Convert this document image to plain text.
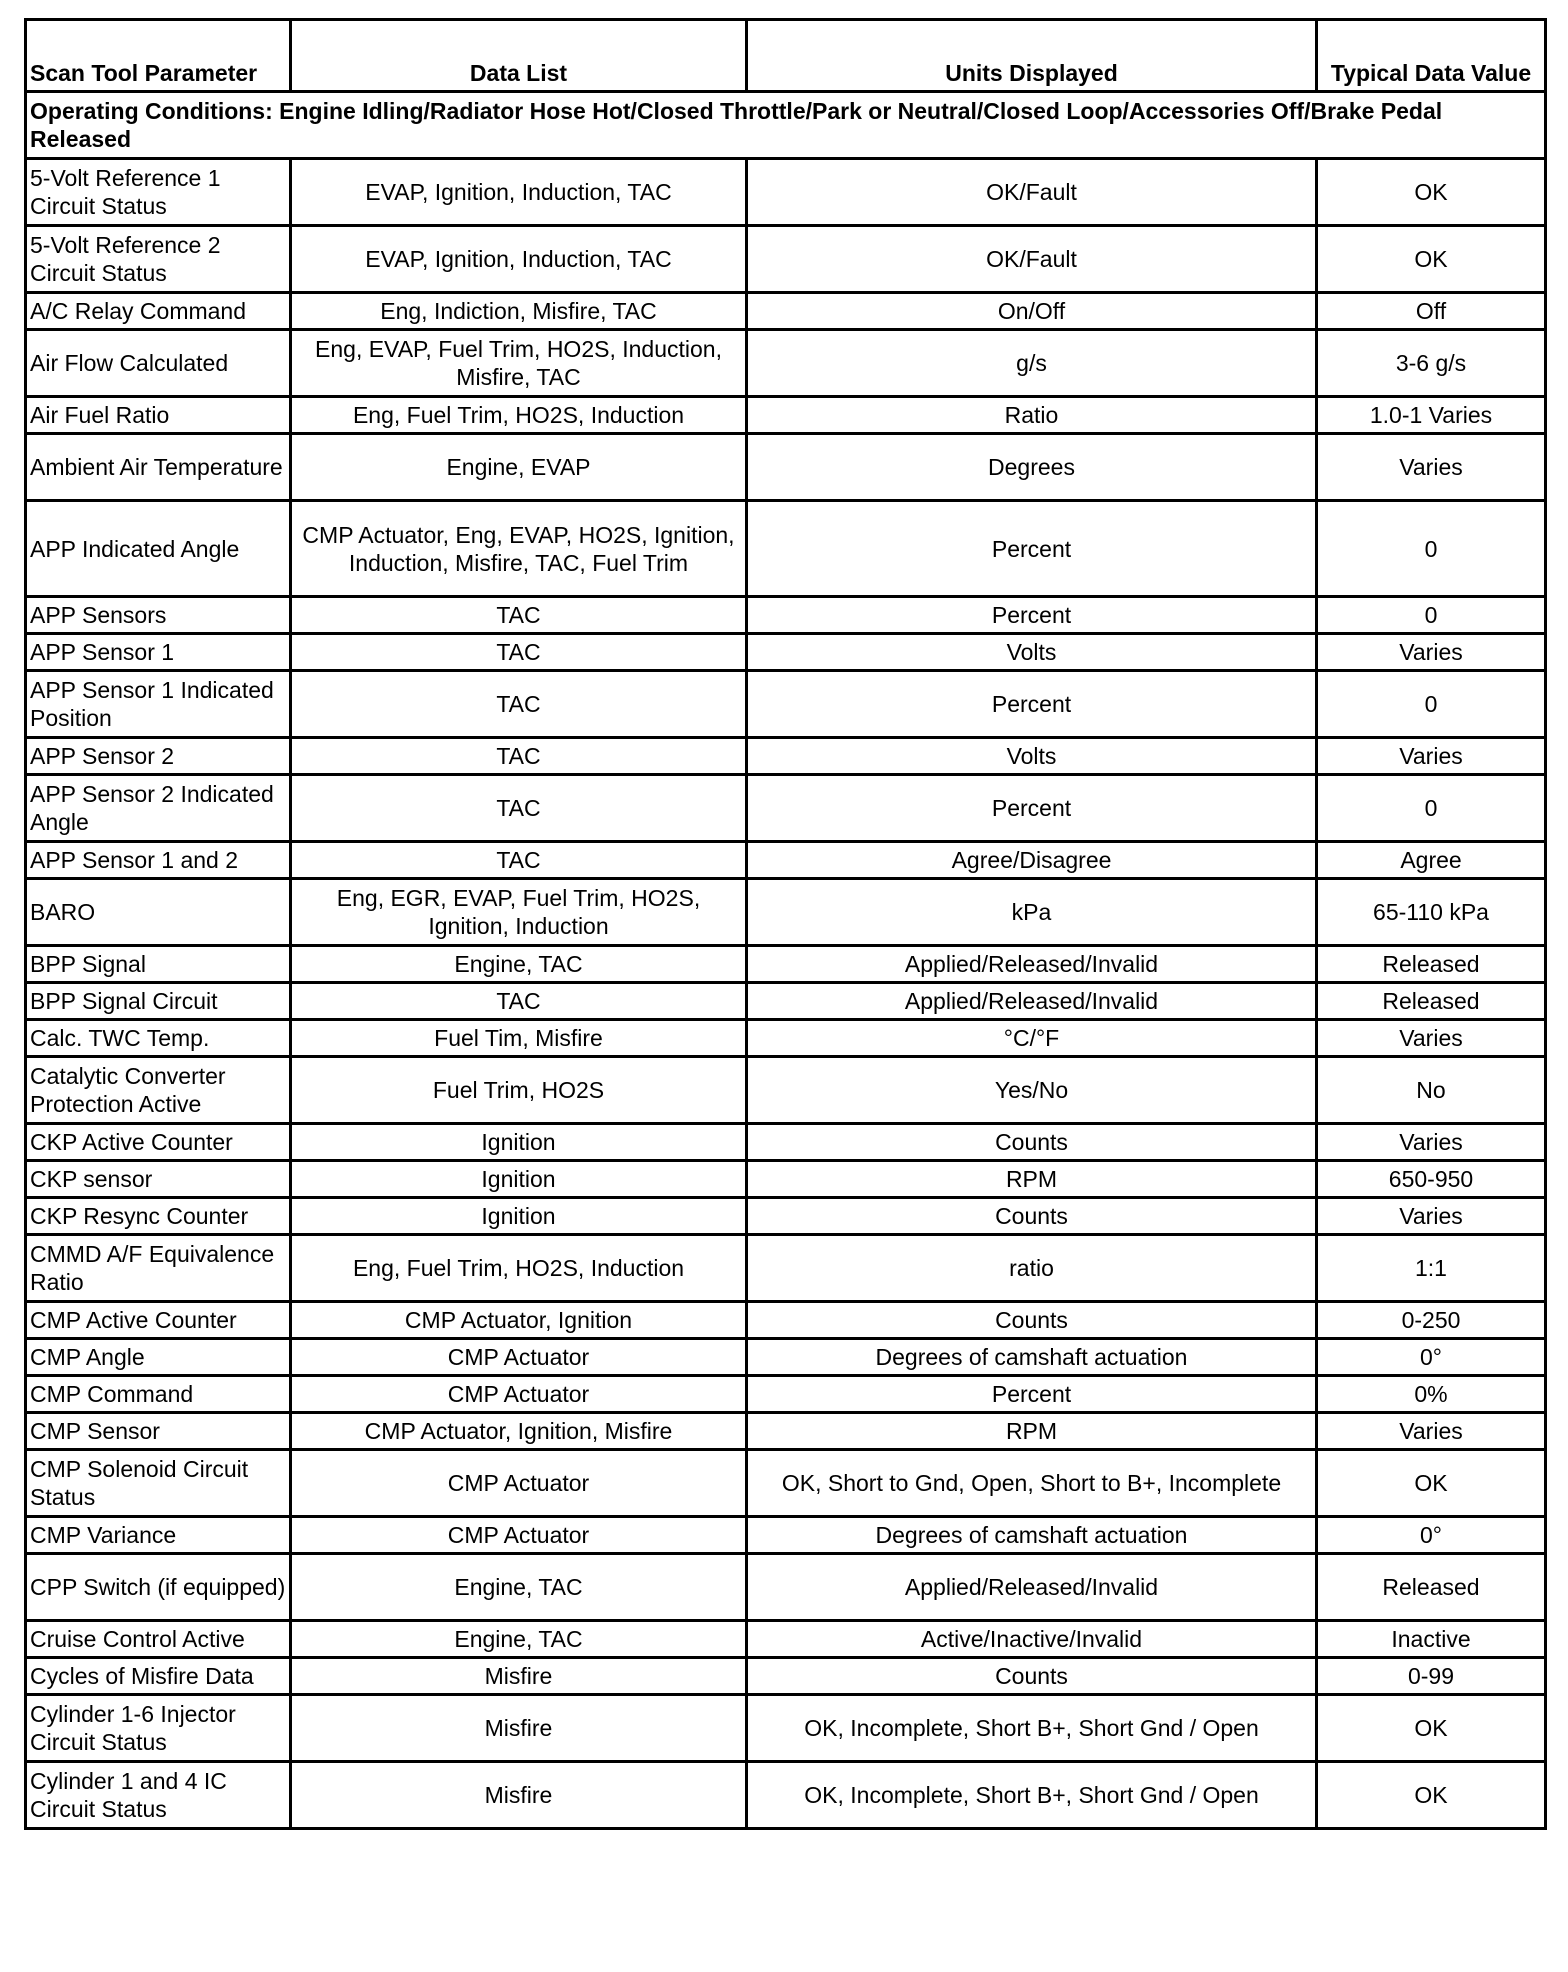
Scan Tool Parameter	Data List	Units Displayed	Typical Data Value
Operating Conditions: Engine Idling/Radiator Hose Hot/Closed Throttle/Park or Neutral/Closed Loop/Accessories Off/Brake Pedal Released			
5-Volt Reference 1 Circuit Status	EVAP, Ignition, Induction, TAC	OK/Fault	OK
5-Volt Reference 2 Circuit Status	EVAP, Ignition, Induction, TAC	OK/Fault	OK
A/C Relay Command	Eng, Indiction, Misfire, TAC	On/Off	Off
Air Flow Calculated	Eng, EVAP, Fuel Trim, HO2S, Induction, Misfire, TAC	g/s	3-6 g/s
Air Fuel Ratio	Eng, Fuel Trim, HO2S, Induction	Ratio	1.0-1 Varies
Ambient Air Temperature	Engine, EVAP	Degrees	Varies
APP Indicated Angle	CMP Actuator, Eng, EVAP, HO2S, Ignition, Induction, Misfire, TAC, Fuel Trim	Percent	0
APP Sensors	TAC	Percent	0
APP Sensor 1	TAC	Volts	Varies
APP Sensor 1 Indicated Position	TAC	Percent	0
APP Sensor 2	TAC	Volts	Varies
APP Sensor 2 Indicated Angle	TAC	Percent	0
APP Sensor 1 and 2	TAC	Agree/Disagree	Agree
BARO	Eng, EGR, EVAP, Fuel Trim, HO2S, Ignition, Induction	kPa	65-110 kPa
BPP Signal	Engine, TAC	Applied/Released/Invalid	Released
BPP Signal Circuit	TAC	Applied/Released/Invalid	Released
Calc. TWC Temp.	Fuel Tim, Misfire	°C/°F	Varies
Catalytic Converter Protection Active	Fuel Trim, HO2S	Yes/No	No
CKP Active Counter	Ignition	Counts	Varies
CKP sensor	Ignition	RPM	650-950
CKP Resync Counter	Ignition	Counts	Varies
CMMD A/F Equivalence Ratio	Eng, Fuel Trim, HO2S, Induction	ratio	1:1
CMP Active Counter	CMP Actuator, Ignition	Counts	0-250
CMP Angle	CMP Actuator	Degrees of camshaft actuation	0°
CMP Command	CMP Actuator	Percent	0%
CMP Sensor	CMP Actuator, Ignition, Misfire	RPM	Varies
CMP Solenoid Circuit Status	CMP Actuator	OK, Short to Gnd, Open, Short to B+, Incomplete	OK
CMP Variance	CMP Actuator	Degrees of camshaft actuation	0°
CPP Switch (if equipped)	Engine, TAC	Applied/Released/Invalid	Released
Cruise Control Active	Engine, TAC	Active/Inactive/Invalid	Inactive
Cycles of Misfire Data	Misfire	Counts	0-99
Cylinder 1-6 Injector Circuit Status	Misfire	OK, Incomplete, Short B+, Short Gnd / Open	OK
Cylinder 1 and 4 IC Circuit Status	Misfire	OK, Incomplete, Short B+, Short Gnd / Open	OK
